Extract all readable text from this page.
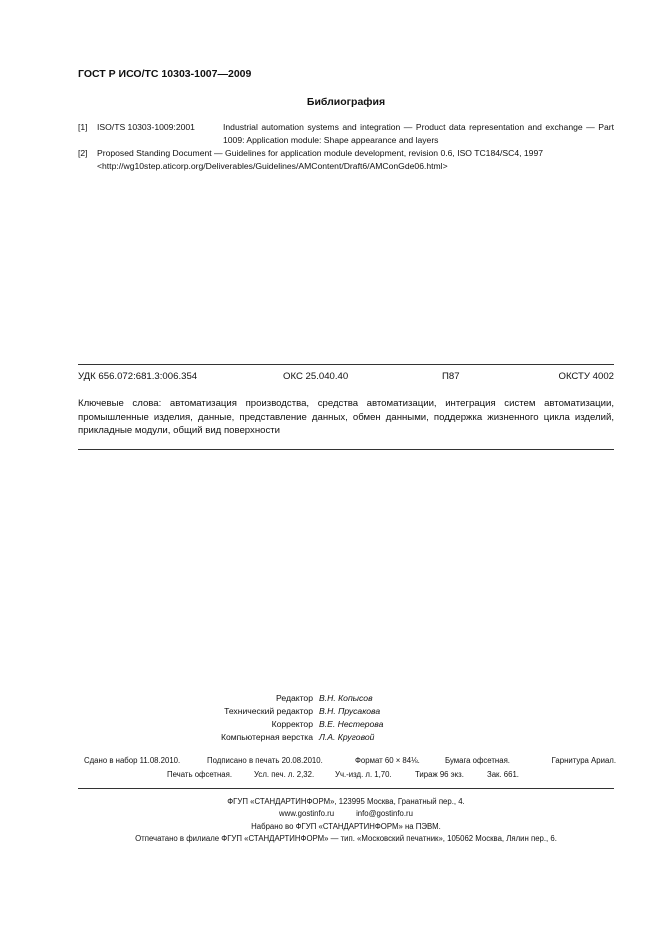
ГОСТ Р ИСО/ТС 10303-1007—2009
Библиография
[1] ISO/TS 10303-1009:2001	Industrial automation systems and integration — Product data representation and exchange — Part 1009: Application module: Shape appearance and layers
[2] Proposed Standing Document — Guidelines for application module development, revision 0.6, ISO TC184/SC4, 1997
<http://wg10step.aticorp.org/Deliverables/Guidelines/AMContent/Draft6/AMConGde06.html>
УДК 656.072:681.3:006.354	ОКС 25.040.40	П87	ОКСТУ 4002
Ключевые слова: автоматизация производства, средства автоматизации, интеграция систем автоматизации, промышленные изделия, данные, представление данных, обмен данными, поддержка жизненного цикла изделий, прикладные модули, общий вид поверхности
Редактор В.Н. Копысов
Технический редактор В.Н. Прусакова
Корректор В.Е. Нестерова
Компьютерная верстка Л.А. Круговой
Сдано в набор 11.08.2010.	Подписано в печать 20.08.2010.	Формат 60 × 84⅛.	Бумага офсетная.	Гарнитура Ариал.
Печать офсетная.	Усл. печ. л. 2,32.	Уч.-изд. л. 1,70.	Тираж 96 экз.	Зак. 661.
ФГУП «СТАНДАРТИНФОРМ», 123995 Москва, Гранатный пер., 4.
www.gostinfo.ru	info@gostinfo.ru
Набрано во ФГУП «СТАНДАРТИНФОРМ» на ПЭВМ.
Отпечатано в филиале ФГУП «СТАНДАРТИНФОРМ» — тип. «Московский печатник», 105062 Москва, Лялин пер., 6.
